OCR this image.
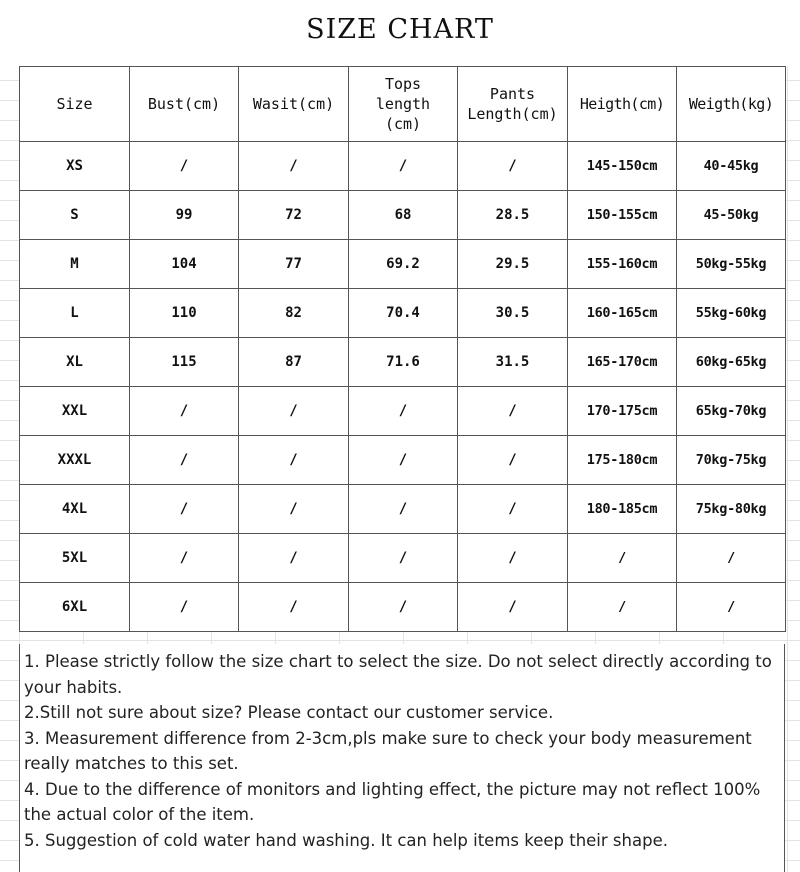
SIZE CHART
Size	Bust(cm)	Wasit(cm)	Tops length (cm)	Pants Length(cm)	Heigth(cm)	Weigth(kg)

XS	/	/	/	/	145-150cm	40-45kg
S	99	72	68	28.5	150-155cm	45-50kg
M	104	77	69.2	29.5	155-160cm	50kg-55kg
L	110	82	70.4	30.5	160-165cm	55kg-60kg
XL	115	87	71.6	31.5	165-170cm	60kg-65kg
XXL	/	/	/	/	170-175cm	65kg-70kg
XXXL	/	/	/	/	175-180cm	70kg-75kg
4XL	/	/	/	/	180-185cm	75kg-80kg
5XL	/	/	/	/	/	/
6XL	/	/	/	/	/	/

1. Please strictly follow the size chart to select the size. Do not select directly according to your habits.

2.Still not sure about size? Please contact our customer service.

3. Measurement difference from 2-3cm,pls make sure to check your body measurement really matches to this set.

4. Due to the difference of monitors and lighting effect, the picture may not reflect 100% the actual color of the item.

5. Suggestion of cold water hand washing. It can help items keep their shape.
